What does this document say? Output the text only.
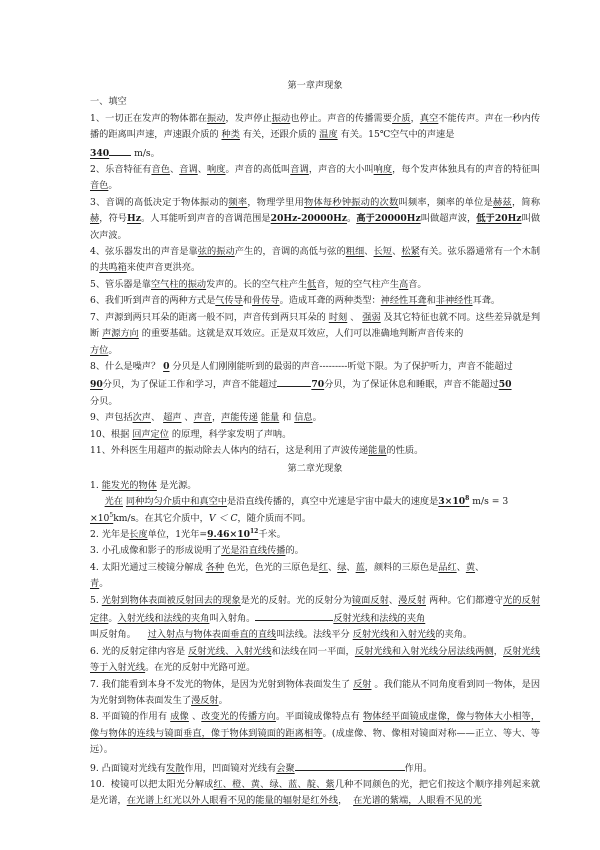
第一章声现象
一、填空
1、一切正在发声的物体都在振动，发声停止振动也停止。声音的传播需要介质，真空不能传声。声在一秒内传播的距离叫声速，声速跟介质的 种类 有关，还跟介质的 温度 有关。15℃空气中的声速是
340	m/s。
2、乐音特征有音色、音调、响度。声音的高低叫音调，声音的大小叫响度，每个发声体独具有的声音的特征叫音色。
3、音调的高低决定于物体振动的频率，物理学里用物体每秒钟振动的次数叫频率，频率的单位是赫兹，简称赫，符号Hz。人耳能听到声音的音调范围是20Hz-20000Hz。高于20000Hz叫做超声波，低于20Hz叫做次声波。
4、弦乐器发出的声音是靠弦的振动产生的，音调的高低与弦的粗细、长短、松紧有关。弦乐器通常有一个木制的共鸣箱来使声音更洪亮。
5、管乐器是靠空气柱的振动发声的。长的空气柱产生低音，短的空气柱产生高音。
6、我们听到声音的两种方式是气传导和骨传导。造成耳聋的两种类型：神经性耳聋和非神经性耳聋。
7、声源到两只耳朵的距离一般不同，声音传到两只耳朵的 时刻 、 强弱 及其它特征也就不同。这些差异就是判断 声源方向 的重要基础。这就是双耳效应。正是双耳效应，人们可以准确地判断声音传来的
方位。
8、什么是噪声？ 0 分贝是人们刚刚能听到的最弱的声音---------听觉下限。为了保护听力，声音不能超过
90分贝，为了保证工作和学习，声音不能超过	70分贝，为了保证休息和睡眠，声音不能超过50
分贝。
9、声包括次声、 超声 、声音，声能传递 能量 和 信息。
10、根据 回声定位 的原理，科学家发明了声呐。
11、外科医生用超声的振动除去人体内的结石，这是利用了声波传递能量的性质。
第二章光现象
1. 能发光的物体 是光源。
光在 同种均匀介质中和真空中是沿直线传播的，真空中光速是宇宙中最大的速度是$3\times 10^8$ m/s = 3
$\times 10^5km/s$。在其它介质中，V ＜ C，随介质而不同。
2. 光年是长度单位，1光年$=9.46\times 10^{12}$千米。
3. 小孔成像和影子的形成说明了光是沿直线传播的。
4. 太阳光通过三棱镜分解成 各种 色光，色光的三原色是红、绿、蓝，颜料的三原色是品红、黄、
青。
5. 光射到物体表面被反射回去的现象是光的反射。光的反射分为镜面反射、漫反射 两种。它们都遵守光的反射定律。入射光线和法线的夹角叫入射角。	反射光线和法线的夹角
叫反射角。 过入射点与物体表面垂直的直线叫法线。法线平分 反射光线和入射光线的夹角。
6. 光的反射定律内容是 反射光线、入射光线和法线在同一平面，反射光线和入射光线分居法线两侧，反射光线等于入射光线。在光的反射中光路可逆。
7. 我们能看到本身不发光的物体，是因为光射到物体表面发生了 反射 。我们能从不同角度看到同一物体，是因为光射到物体表面发生了漫反射。
8. 平面镜的作用有 成像 、改变光的传播方向。平面镜成像特点有 物体经平面镜成虚像，像与物体大小相等，像与物体的连线与镜面垂直，像于物体到镜面的距离相等。(成虚像、物、像相对镜面对称——正立、等大、等远）。
9. 凸面镜对光线有发散作用，凹面镜对光线有会聚	作用。
10. 棱镜可以把太阳光分解成红、橙、黄、绿、蓝、靛、紫几种不同颜色的光，把它们按这个顺序排列起来就是光谱，在光谱上红光以外人眼看不见的能量的辐射是红外线， 在光谱的紫端，人眼看不见的光
